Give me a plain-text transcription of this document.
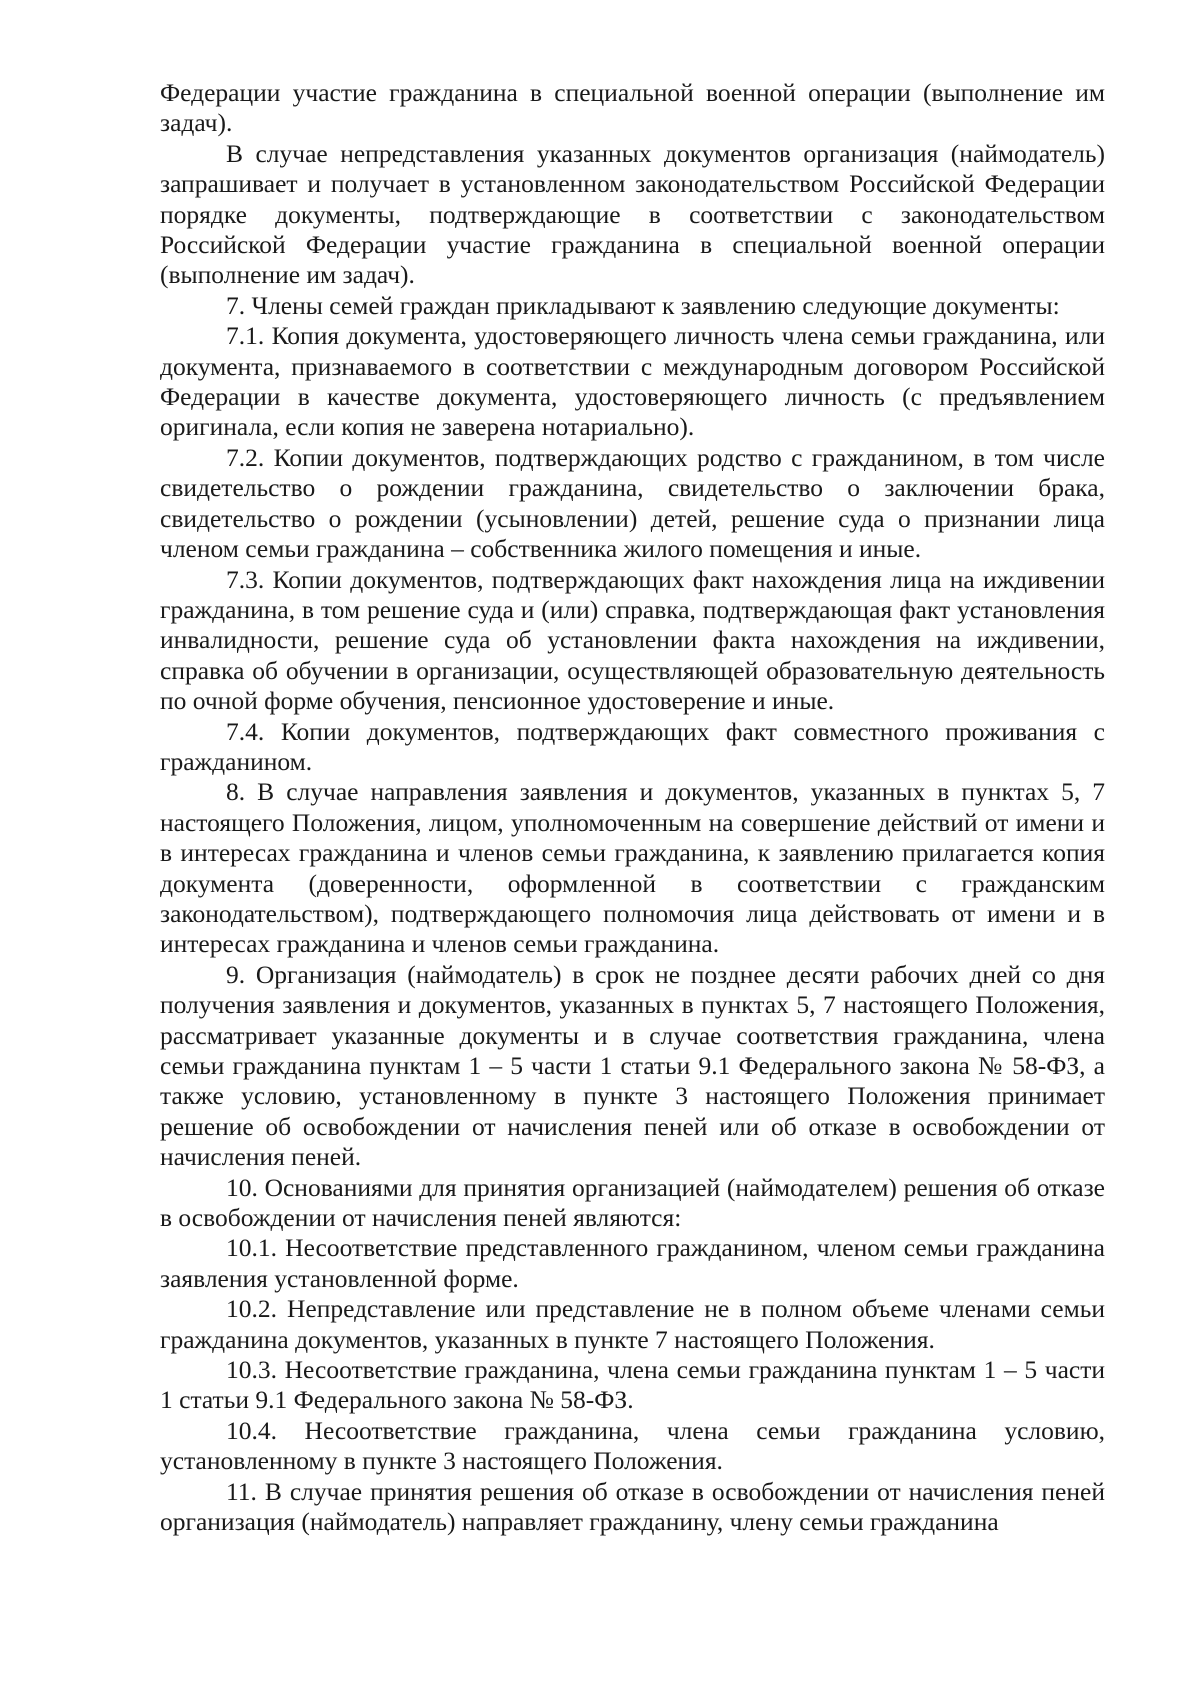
Федерации участие гражданина в специальной военной операции (выполнение им задач).

В случае непредставления указанных документов организация (наймодатель) запрашивает и получает в установленном законодательством Российской Федерации порядке документы, подтверждающие в соответствии с законодательством Российской Федерации участие гражданина в специальной военной операции (выполнение им задач).

7. Члены семей граждан прикладывают к заявлению следующие документы:

7.1. Копия документа, удостоверяющего личность члена семьи гражданина, или документа, признаваемого в соответствии с международным договором Российской Федерации в качестве документа, удостоверяющего личность (с предъявлением оригинала, если копия не заверена нотариально).

7.2. Копии документов, подтверждающих родство с гражданином, в том числе свидетельство о рождении гражданина, свидетельство о заключении брака, свидетельство о рождении (усыновлении) детей, решение суда о признании лица членом семьи гражданина – собственника жилого помещения и иные.

7.3. Копии документов, подтверждающих факт нахождения лица на иждивении гражданина, в том решение суда и (или) справка, подтверждающая факт установления инвалидности, решение суда об установлении факта нахождения на иждивении, справка об обучении в организации, осуществляющей образовательную деятельность по очной форме обучения, пенсионное удостоверение и иные.

7.4. Копии документов, подтверждающих факт совместного проживания с гражданином.

8. В случае направления заявления и документов, указанных в пунктах 5, 7 настоящего Положения, лицом, уполномоченным на совершение действий от имени и в интересах гражданина и членов семьи гражданина, к заявлению прилагается копия документа (доверенности, оформленной в соответствии с гражданским законодательством), подтверждающего полномочия лица действовать от имени и в интересах гражданина и членов семьи гражданина.

9. Организация (наймодатель) в срок не позднее десяти рабочих дней со дня получения заявления и документов, указанных в пунктах 5, 7 настоящего Положения, рассматривает указанные документы и в случае соответствия гражданина, члена семьи гражданина пунктам 1 – 5 части 1 статьи 9.1 Федерального закона № 58-ФЗ, а также условию, установленному в пункте 3 настоящего Положения принимает решение об освобождении от начисления пеней или об отказе в освобождении от начисления пеней.

10. Основаниями для принятия организацией (наймодателем) решения об отказе в освобождении от начисления пеней являются:

10.1. Несоответствие представленного гражданином, членом семьи гражданина заявления установленной форме.

10.2. Непредставление или представление не в полном объеме членами семьи гражданина документов, указанных в пункте 7 настоящего Положения.

10.3. Несоответствие гражданина, члена семьи гражданина пунктам 1 – 5 части 1 статьи 9.1 Федерального закона № 58-ФЗ.

10.4. Несоответствие гражданина, члена семьи гражданина условию, установленному в пункте 3 настоящего Положения.

11. В случае принятия решения об отказе в освобождении от начисления пеней организация (наймодатель) направляет гражданину, члену семьи гражданина
